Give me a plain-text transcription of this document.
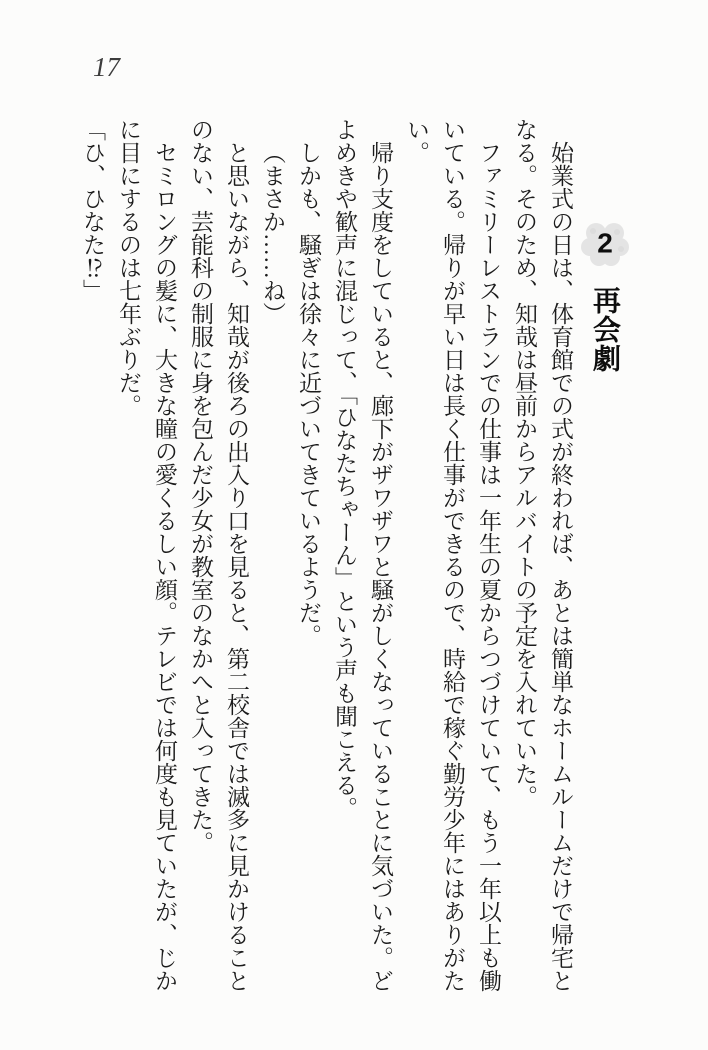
17
2
再会劇

始業式の日は、体育館での式が終われば、あとは簡単なホームルームだけで帰宅となる。そのため、知哉は昼前からアルバイトの予定を入れていた。

ファミリーレストランでの仕事は一年生の夏からつづけていて、もう一年以上も働いている。帰りが早い日は長く仕事ができるので、時給で稼ぐ勤労少年にはありがたい。

帰り支度をしていると、廊下がザワザワと騒がしくなっていることに気づいた。どよめきや歓声に混じって、「ひなたちゃーん」という声も聞こえる。

しかも、騒ぎは徐々に近づいてきているようだ。

（まさか……ね）

と思いながら、知哉が後ろの出入り口を見ると、第二校舎では滅多に見かけることのない、芸能科の制服に身を包んだ少女が教室のなかへと入ってきた。

セミロングの髪に、大きな瞳の愛くるしい顔。テレビでは何度も見ていたが、じかに目にするのは七年ぶりだ。

「ひ、ひなた⁉」
